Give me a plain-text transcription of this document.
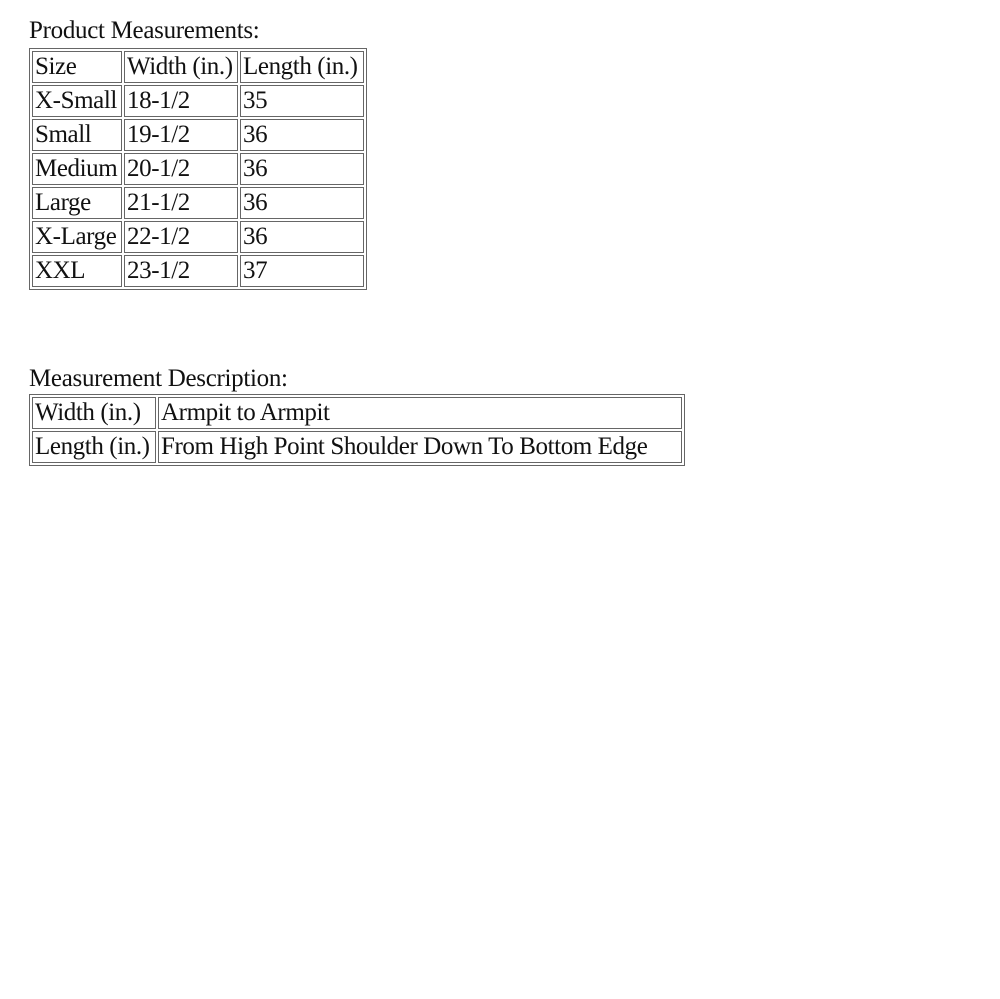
Product Measurements:
Size	Width (in.)	Length (in.)
X-Small	18-1/2	35
Small	19-1/2	36
Medium	20-1/2	36
Large	21-1/2	36
X-Large	22-1/2	36
XXL	23-1/2	37
Measurement Description:
Width (in.)	Armpit to Armpit
Length (in.)	From High Point Shoulder Down To Bottom Edge
